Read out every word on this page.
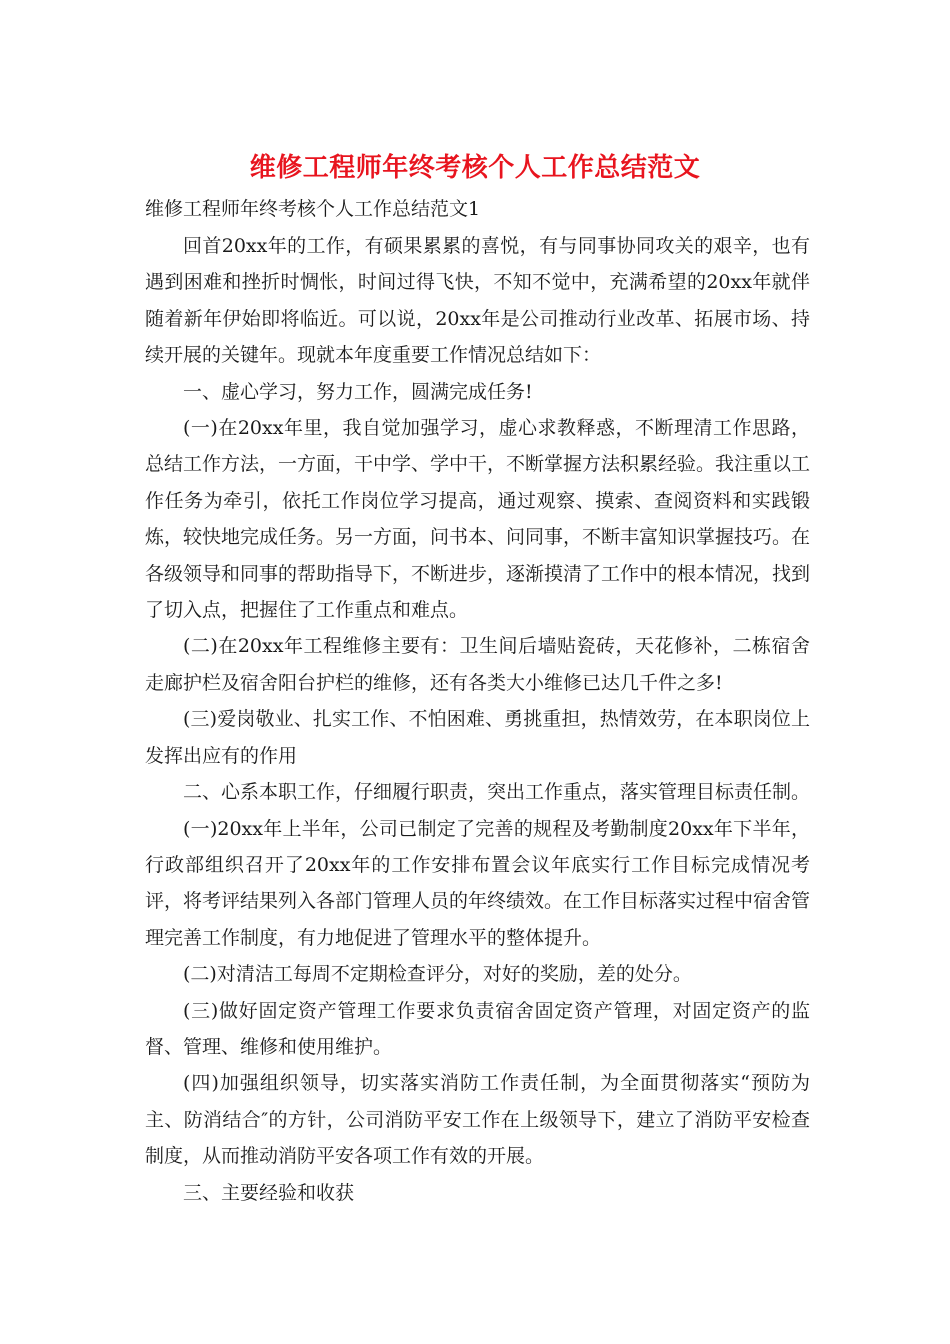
维修工程师年终考核个人工作总结范文
维修工程师年终考核个人工作总结范文1

回首20xx年的工作，有硕果累累的喜悦，有与同事协同攻关的艰辛，也有遇到困难和挫折时惆怅，时间过得飞快，不知不觉中，充满希望的20xx年就伴随着新年伊始即将临近。可以说，20xx年是公司推动行业改革、拓展市场、持续开展的关键年。现就本年度重要工作情况总结如下：

一、虚心学习，努力工作，圆满完成任务!

(一)在20xx年里，我自觉加强学习，虚心求教释惑，不断理清工作思路，总结工作方法，一方面，干中学、学中干，不断掌握方法积累经验。我注重以工作任务为牵引，依托工作岗位学习提高，通过观察、摸索、查阅资料和实践锻炼，较快地完成任务。另一方面，问书本、问同事，不断丰富知识掌握技巧。在各级领导和同事的帮助指导下，不断进步，逐渐摸清了工作中的根本情况，找到了切入点，把握住了工作重点和难点。

(二)在20xx年工程维修主要有：卫生间后墙贴瓷砖，天花修补，二栋宿舍走廊护栏及宿舍阳台护栏的维修，还有各类大小维修已达几千件之多!

(三)爱岗敬业、扎实工作、不怕困难、勇挑重担，热情效劳，在本职岗位上发挥出应有的作用

二、心系本职工作，仔细履行职责，突出工作重点，落实管理目标责任制。

(一)20xx年上半年，公司已制定了完善的规程及考勤制度20xx年下半年，行政部组织召开了20xx年的工作安排布置会议年底实行工作目标完成情况考评，将考评结果列入各部门管理人员的年终绩效。在工作目标落实过程中宿舍管理完善工作制度，有力地促进了管理水平的整体提升。

(二)对清洁工每周不定期检查评分，对好的奖励，差的处分。

(三)做好固定资产管理工作要求负责宿舍固定资产管理，对固定资产的监督、管理、维修和使用维护。

(四)加强组织领导，切实落实消防工作责任制，为全面贯彻落实“预防为主、防消结合″的方针，公司消防平安工作在上级领导下，建立了消防平安检查制度，从而推动消防平安各项工作有效的开展。

三、主要经验和收获
